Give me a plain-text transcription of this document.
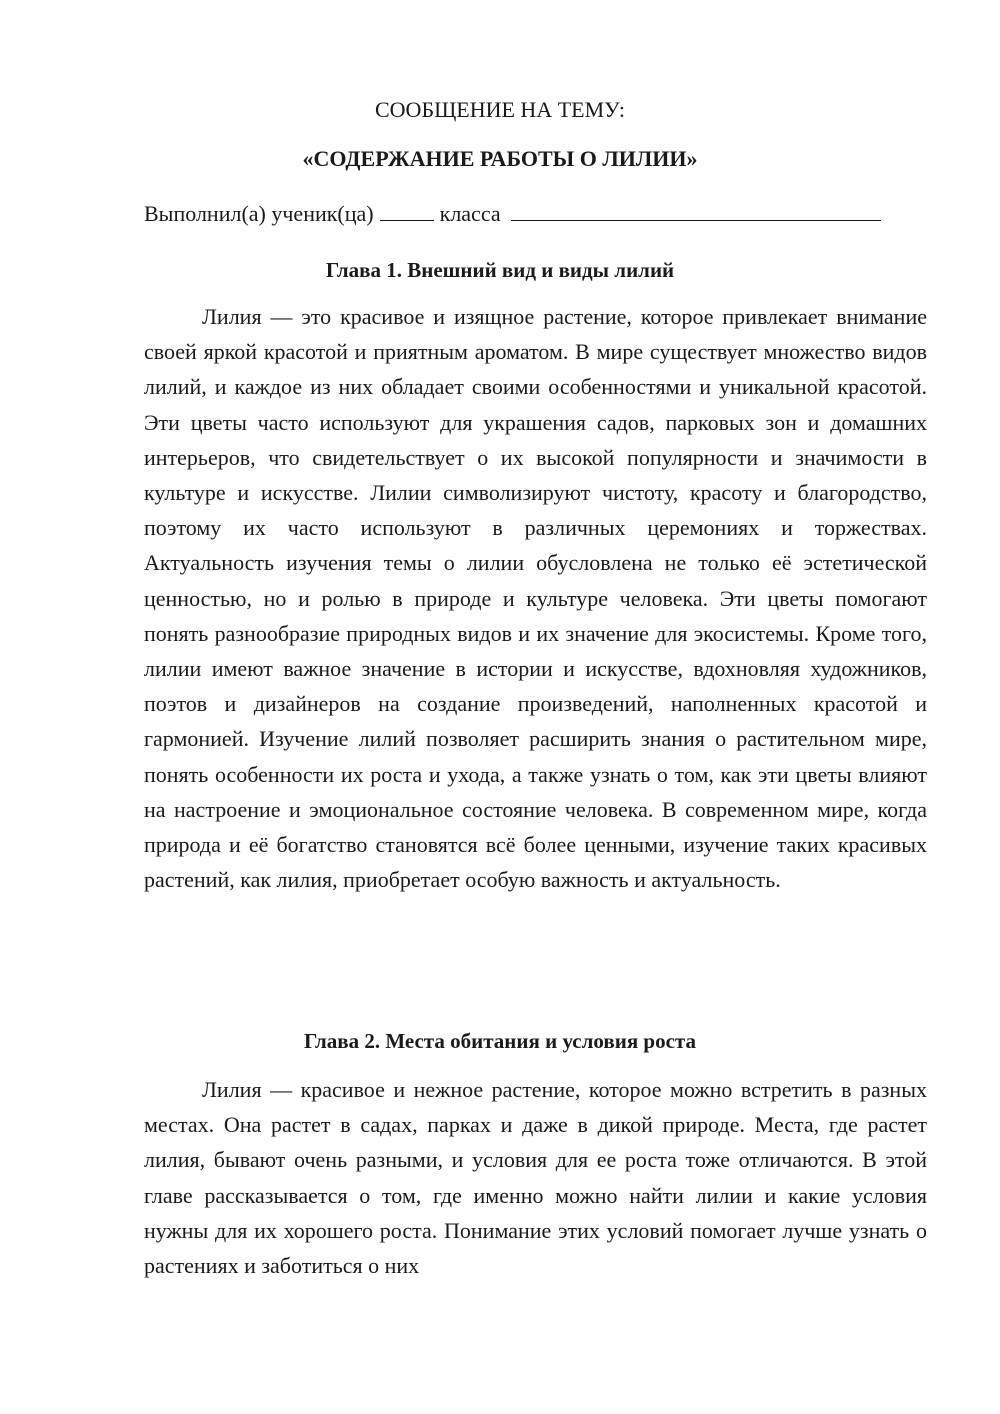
СООБЩЕНИЕ НА ТЕМУ:
«СОДЕРЖАНИЕ РАБОТЫ О ЛИЛИИ»
Выполнил(а) ученик(ца)	класса
Глава 1. Внешний вид и виды лилий

Лилия — это красивое и изящное растение, которое привлекает внимание своей яркой красотой и приятным ароматом. В мире существует множество видов лилий, и каждое из них обладает своими особенностями и уникальной красотой. Эти цветы часто используют для украшения садов, парковых зон и домашних интерьеров, что свидетельствует о их высокой популярности и значимости в культуре и искусстве. Лилии символизируют чистоту, красоту и благородство, поэтому их часто используют в различных церемониях и торжествах. Актуальность изучения темы о лилии обусловлена не только её эстетической ценностью, но и ролью в природе и культуре человека. Эти цветы помогают понять разнообразие природных видов и их значение для экосистемы. Кроме того, лилии имеют важное значение в истории и искусстве, вдохновляя художников, поэтов и дизайнеров на создание произведений, наполненных красотой и гармонией. Изучение лилий позволяет расширить знания о растительном мире, понять особенности их роста и ухода, а также узнать о том, как эти цветы влияют на настроение и эмоциональное состояние человека. В современном мире, когда природа и её богатство становятся всё более ценными, изучение таких красивых растений, как лилия, приобретает особую важность и актуальность.

Глава 2. Места обитания и условия роста

Лилия — красивое и нежное растение, которое можно встретить в разных местах. Она растет в садах, парках и даже в дикой природе. Места, где растет лилия, бывают очень разными, и условия для ее роста тоже отличаются. В этой главе рассказывается о том, где именно можно найти лилии и какие условия нужны для их хорошего роста. Понимание этих условий помогает лучше узнать о растениях и заботиться о них
